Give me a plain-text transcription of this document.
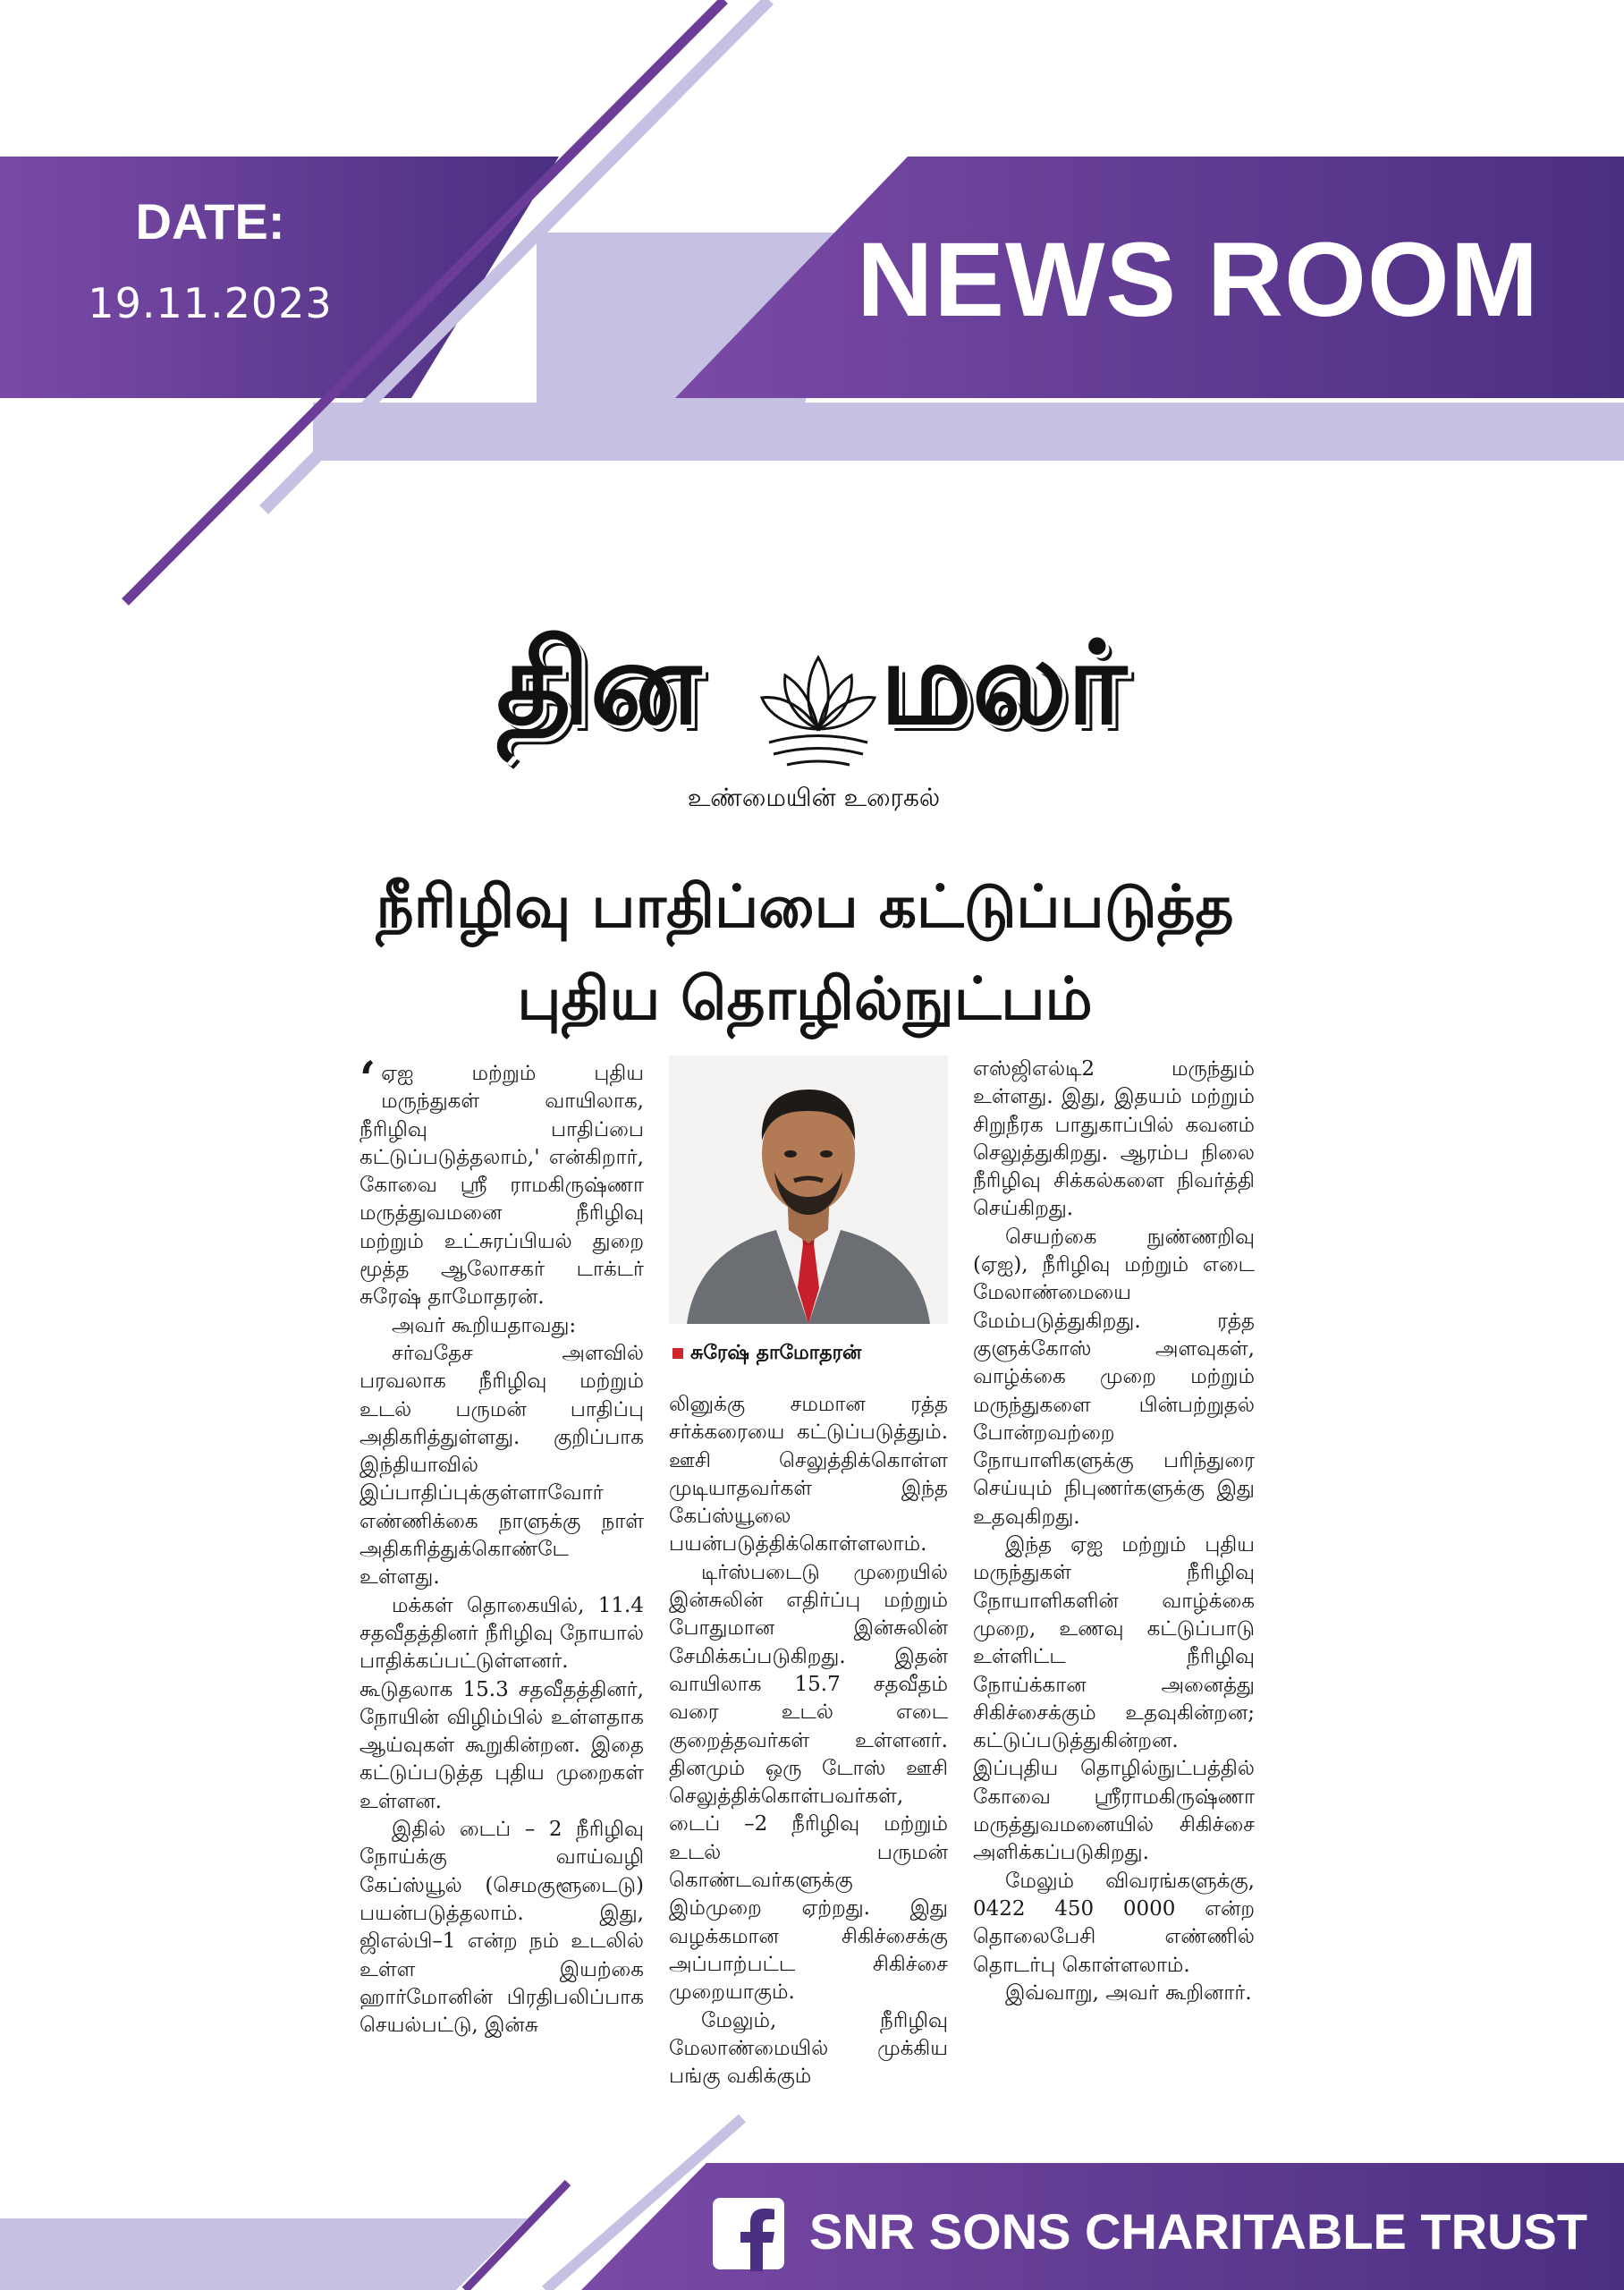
DATE:
19.11.2023	NEWS ROOM
தின மலர்
உண்மையின் உரைகல்
நீரிழிவு பாதிப்பை கட்டுப்படுத்த
புதிய தொழில்நுட்பம்

‘ ஏஐ மற்றும் புதிய மருந்துகள் வாயிலாக, நீரிழிவு பாதிப்பை கட்டுப்படுத்தலாம்,' என்கிறார், கோவை ஸ்ரீ ராமகிருஷ்ணா மருத்துவமனை நீரிழிவு மற்றும் உட்சுரப்பியல் துறை மூத்த ஆலோசகர் டாக்டர் சுரேஷ் தாமோதரன்.

அவர் கூறியதாவது:

சர்வதேச அளவில் பரவலாக நீரிழிவு மற்றும் உடல் பருமன் பாதிப்பு அதிகரித்துள்ளது. குறிப்பாக இந்தியாவில் இப்பாதிப்புக்குள்ளாவோர் எண்ணிக்கை நாளுக்கு நாள் அதிகரித்துக்கொண்டே உள்ளது.

மக்கள் தொகையில், 11.4 சதவீதத்தினர் நீரிழிவு நோயால் பாதிக்கப்பட்டுள்ளனர். கூடுதலாக 15.3 சதவீதத்தினர், நோயின் விழிம்பில் உள்ளதாக ஆய்வுகள் கூறுகின்றன. இதை கட்டுப்படுத்த புதிய முறைகள் உள்ளன.

இதில் டைப் – 2 நீரிழிவு நோய்க்கு வாய்வழி கேப்ஸ்யூல் (செமகுளூடைடு) பயன்படுத்தலாம். இது, ஜிஎல்பி–1 என்ற நம் உடலில் உள்ள இயற்கை ஹார்மோனின் பிரதிபலிப்பாக செயல்பட்டு, இன்சு

சுரேஷ் தாமோதரன்

லினுக்கு சமமான ரத்த சர்க்கரையை கட்டுப்படுத்தும். ஊசி செலுத்திக்கொள்ள முடியாதவர்கள் இந்த கேப்ஸ்யூலை பயன்படுத்திக்கொள்ளலாம்.

டிர்ஸ்படைடு முறையில் இன்சுலின் எதிர்ப்பு மற்றும் போதுமான இன்சுலின் சேமிக்கப்படுகிறது. இதன் வாயிலாக 15.7 சதவீதம் வரை உடல் எடை குறைத்தவர்கள் உள்ளனர். தினமும் ஒரு டோஸ் ஊசி செலுத்திக்கொள்பவர்கள், டைப் –2 நீரிழிவு மற்றும் உடல் பருமன் கொண்டவர்களுக்கு இம்முறை ஏற்றது. இது வழக்கமான சிகிச்சைக்கு அப்பாற்பட்ட சிகிச்சை முறையாகும்.

மேலும், நீரிழிவு மேலாண்மையில் முக்கிய பங்கு வகிக்கும்

எஸ்ஜிஎல்டி2 மருந்தும் உள்ளது. இது, இதயம் மற்றும் சிறுநீரக பாதுகாப்பில் கவனம் செலுத்துகிறது. ஆரம்ப நிலை நீரிழிவு சிக்கல்களை நிவர்த்தி செய்கிறது.

செயற்கை நுண்ணறிவு (ஏஐ), நீரிழிவு மற்றும் எடை மேலாண்மையை மேம்படுத்துகிறது. ரத்த குளுக்கோஸ் அளவுகள், வாழ்க்கை முறை மற்றும் மருந்துகளை பின்பற்றுதல் போன்றவற்றை நோயாளிகளுக்கு பரிந்துரை செய்யும் நிபுணர்களுக்கு இது உதவுகிறது.

இந்த ஏஐ மற்றும் புதிய மருந்துகள் நீரிழிவு நோயாளிகளின் வாழ்க்கை முறை, உணவு கட்டுப்பாடு உள்ளிட்ட நீரிழிவு நோய்க்கான அனைத்து சிகிச்சைக்கும் உதவுகின்றன; கட்டுப்படுத்துகின்றன. இப்புதிய தொழில்நுட்பத்தில் கோவை ஸ்ரீராமகிருஷ்ணா மருத்துவமனையில் சிகிச்சை அளிக்கப்படுகிறது.

மேலும் விவரங்களுக்கு, 0422 450 0000 என்ற தொலைபேசி எண்ணில் தொடர்பு கொள்ளலாம்.

இவ்வாறு, அவர் கூறினார்.

SNR SONS CHARITABLE TRUST
